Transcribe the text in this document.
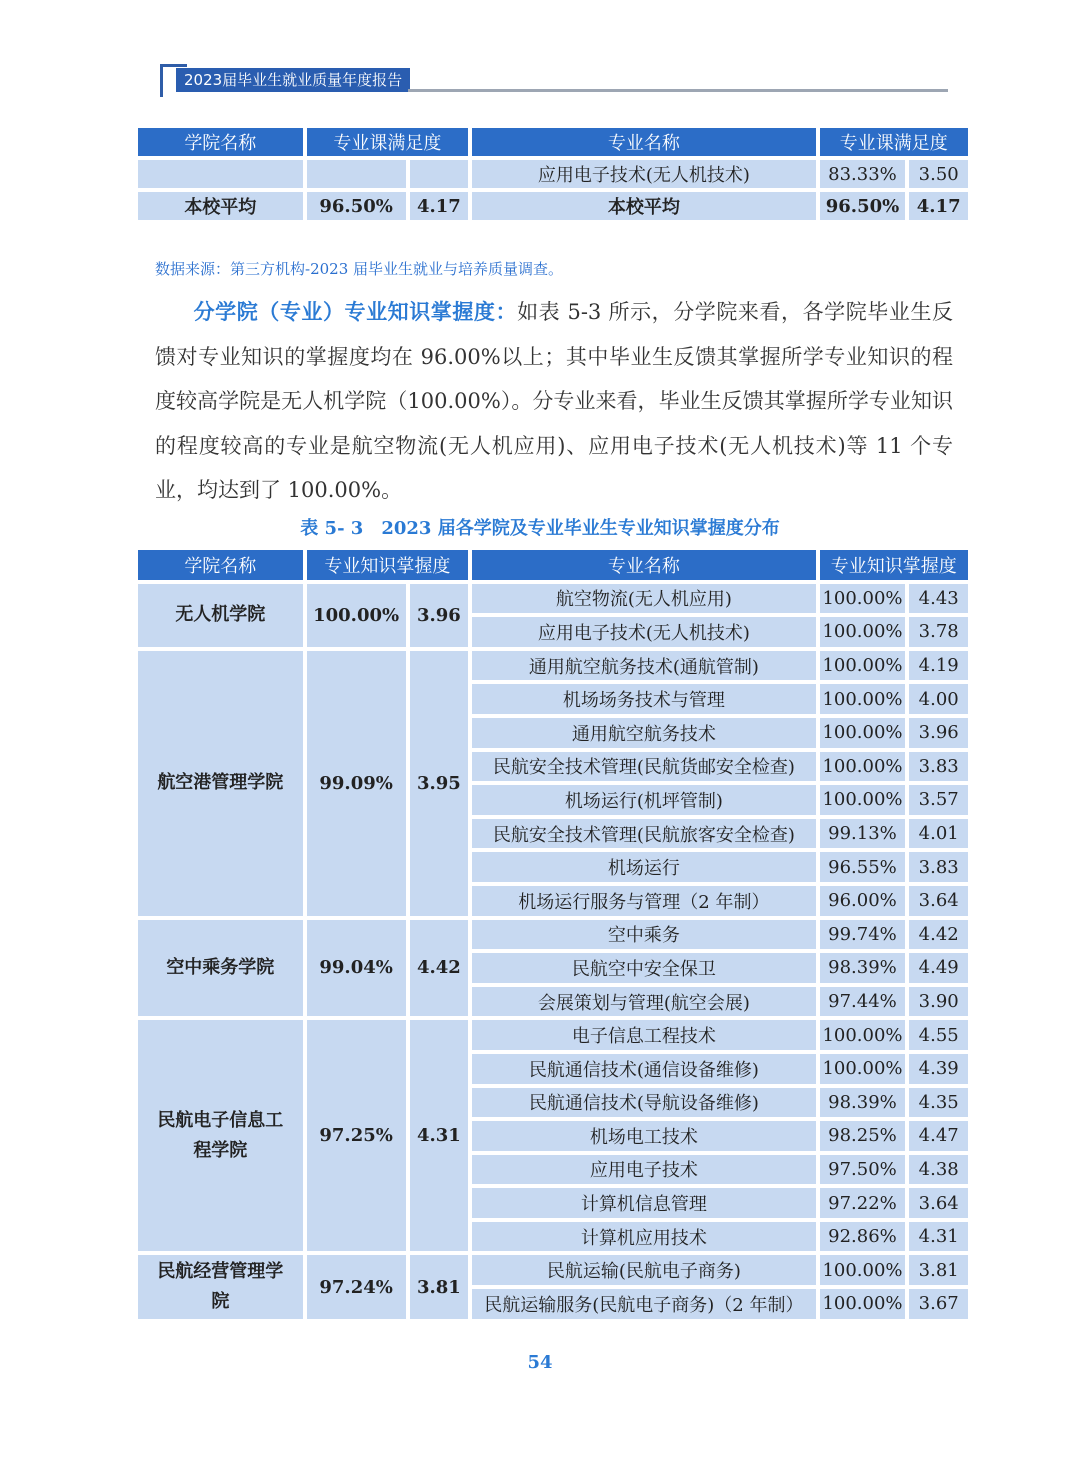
2023届毕业生就业质量年度报告
学院名称	专业课满足度		专业名称	专业课满足度	
			应用电子技术(无人机技术)	83.33%	3.50
本校平均	96.50%	4.17	本校平均	96.50%	4.17
数据来源：第三方机构-2023 届毕业生就业与培养质量调查。
分学院（专业）专业知识掌握度：如表 5-3 所示，分学院来看，各学院毕业生反馈对专业知识的掌握度均在 96.00%以上；其中毕业生反馈其掌握所学专业知识的程度较高学院是无人机学院（100.00%）。分专业来看，毕业生反馈其掌握所学专业知识的程度较高的专业是航空物流(无人机应用)、应用电子技术(无人机技术)等 11 个专业，均达到了 100.00%。
表 5- 3　2023 届各学院及专业毕业生专业知识掌握度分布
学院名称	专业知识掌握度		专业名称	专业知识掌握度	
无人机学院	100.00%	3.96	航空物流(无人机应用)	100.00%	4.43
			应用电子技术(无人机技术)	100.00%	3.78
航空港管理学院	99.09%	3.95	通用航空航务技术(通航管制)	100.00%	4.19
			机场场务技术与管理	100.00%	4.00
			通用航空航务技术	100.00%	3.96
			民航安全技术管理(民航货邮安全检查)	100.00%	3.83
			机场运行(机坪管制)	100.00%	3.57
			民航安全技术管理(民航旅客安全检查)	99.13%	4.01
			机场运行	96.55%	3.83
			机场运行服务与管理（2 年制）	96.00%	3.64
空中乘务学院	99.04%	4.42	空中乘务	99.74%	4.42
			民航空中安全保卫	98.39%	4.49
			会展策划与管理(航空会展)	97.44%	3.90
民航电子信息工程学院	97.25%	4.31	电子信息工程技术	100.00%	4.55
			民航通信技术(通信设备维修)	100.00%	4.39
			民航通信技术(导航设备维修)	98.39%	4.35
			机场电工技术	98.25%	4.47
			应用电子技术	97.50%	4.38
			计算机信息管理	97.22%	3.64
			计算机应用技术	92.86%	4.31
民航经营管理学院	97.24%	3.81	民航运输(民航电子商务)	100.00%	3.81
			民航运输服务(民航电子商务)（2 年制）	100.00%	3.67
54
